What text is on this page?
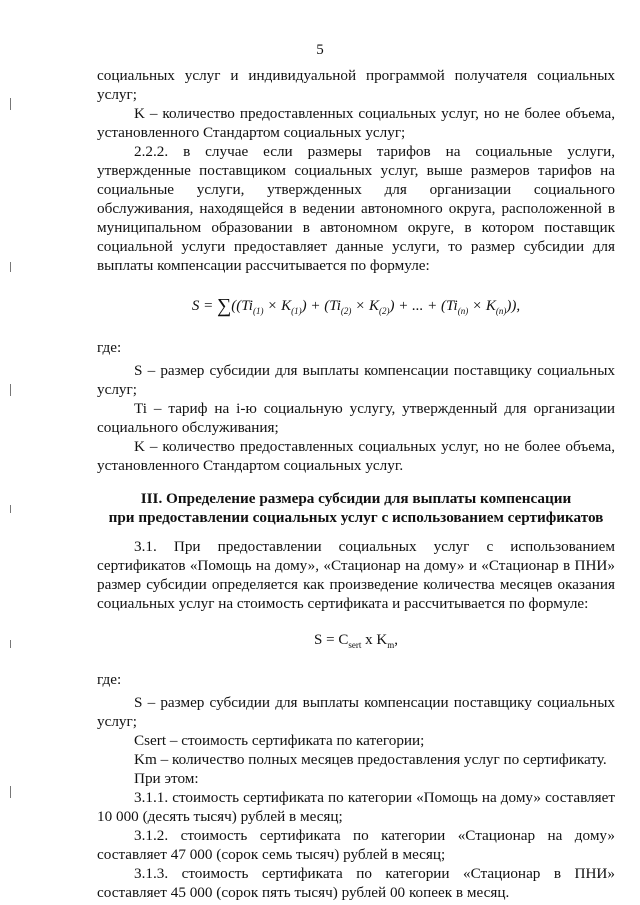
5

социальных услуг и индивидуальной программой получателя социальных услуг;

K – количество предоставленных социальных услуг, но не более объема, установленного Стандартом социальных услуг;

2.2.2. в случае если размеры тарифов на социальные услуги, утвержденные поставщиком социальных услуг, выше размеров тарифов на социальные услуги, утвержденных для организации социального обслуживания, находящейся в ведении автономного округа, расположенной в муниципальном образовании в автономном округе, в котором поставщик социальной услуги предоставляет данные услуги, то размер субсидии для выплаты компенсации рассчитывается по формуле:

$S = \sum((Ti_{(1)} \times K_{(1)}) + (Ti_{(2)} \times K_{(2)})$ + ... + $(Ti_{(n)} \times K_{(n)})$),

где:

S – размер субсидии для выплаты компенсации поставщику социальных услуг;

Ti – тариф на i-ю социальную услугу, утвержденный для организации социального обслуживания;

K – количество предоставленных социальных услуг, но не более объема, установленного Стандартом социальных услуг.

III. Определение размера субсидии для выплаты компенсации
при предоставлении социальных услуг с использованием сертификатов

3.1. При предоставлении социальных услуг с использованием сертификатов «Помощь на дому», «Стационар на дому» и «Стационар в ПНИ» размер субсидии определяется как произведение количества месяцев оказания социальных услуг на стоимость сертификата и рассчитывается по формуле:

$S = C_{sert}$ x $K_m$,

где:

S – размер субсидии для выплаты компенсации поставщику социальных услуг;

Csert – стоимость сертификата по категории;

Km – количество полных месяцев предоставления услуг по сертификату.

При этом:

3.1.1. стоимость сертификата по категории «Помощь на дому» составляет 10 000 (десять тысяч) рублей в месяц;

3.1.2. стоимость сертификата по категории «Стационар на дому» составляет 47 000 (сорок семь тысяч) рублей в месяц;

3.1.3. стоимость сертификата по категории «Стационар в ПНИ» составляет 45 000 (сорок пять тысяч) рублей 00 копеек в месяц.
